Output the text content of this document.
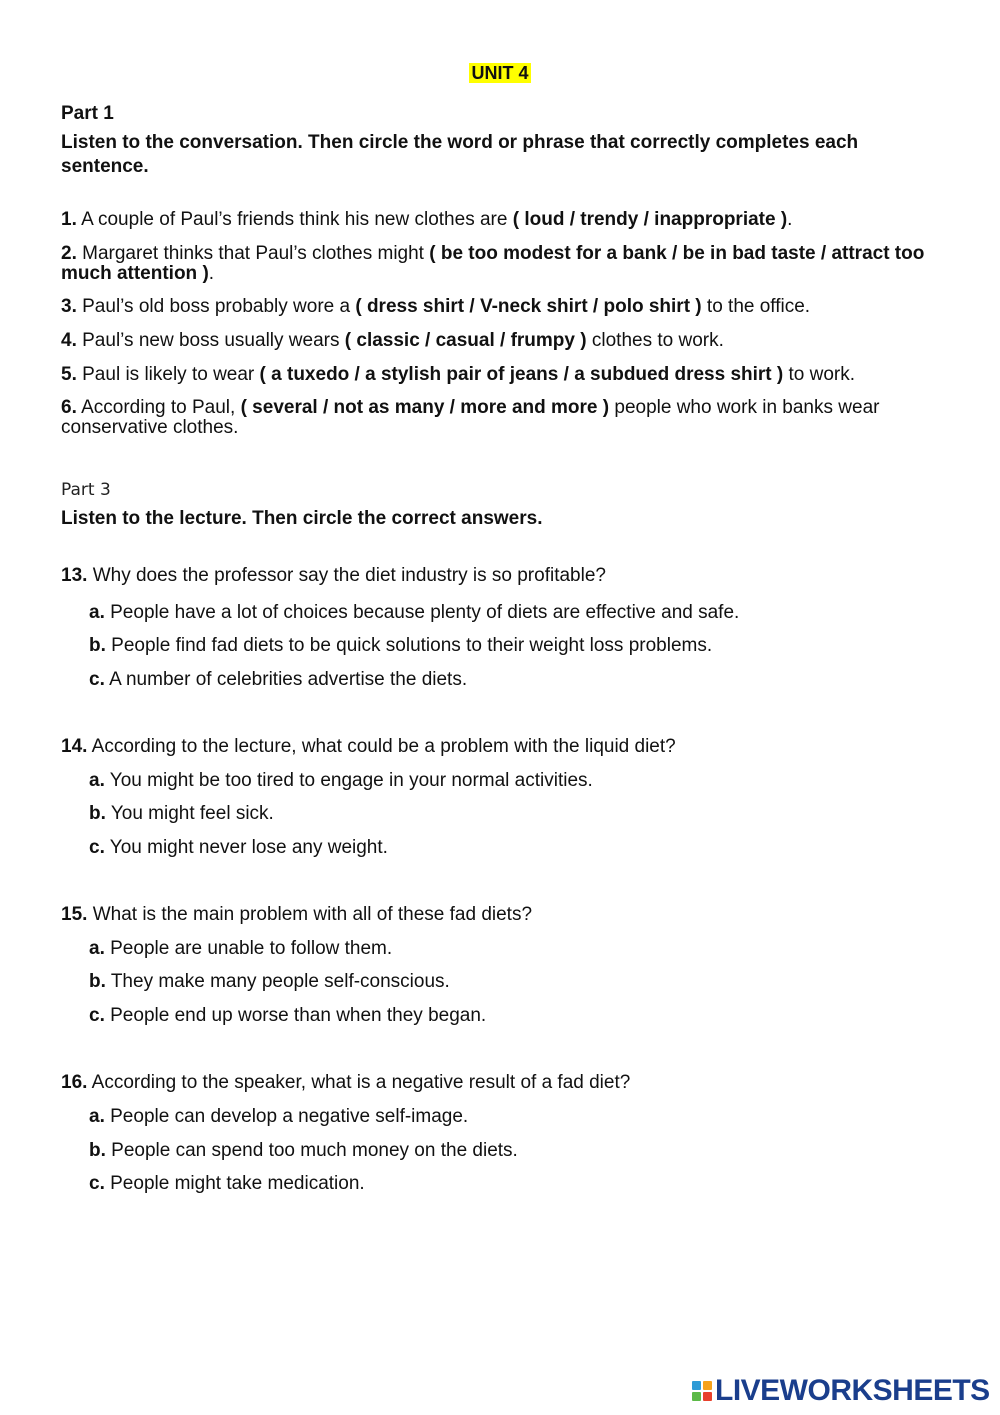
UNIT 4
Part 1
Listen to the conversation. Then circle the word or phrase that correctly completes each sentence.
1. A couple of Paul’s friends think his new clothes are ( loud / trendy / inappropriate ).
2. Margaret thinks that Paul’s clothes might ( be too modest for a bank / be in bad taste / attract too much attention ).
3. Paul’s old boss probably wore a ( dress shirt / V-neck shirt / polo shirt ) to the office.
4. Paul’s new boss usually wears ( classic / casual / frumpy ) clothes to work.
5. Paul is likely to wear ( a tuxedo / a stylish pair of jeans / a subdued dress shirt ) to work.
6. According to Paul, ( several / not as many / more and more ) people who work in banks wear conservative clothes.
Part 3
Listen to the lecture. Then circle the correct answers.
13. Why does the professor say the diet industry is so profitable?
a. People have a lot of choices because plenty of diets are effective and safe.
b. People find fad diets to be quick solutions to their weight loss problems.
c. A number of celebrities advertise the diets.
14. According to the lecture, what could be a problem with the liquid diet?
a. You might be too tired to engage in your normal activities.
b. You might feel sick.
c. You might never lose any weight.
15. What is the main problem with all of these fad diets?
a. People are unable to follow them.
b. They make many people self-conscious.
c. People end up worse than when they began.
16. According to the speaker, what is a negative result of a fad diet?
a. People can develop a negative self-image.
b. People can spend too much money on the diets.
c. People might take medication.
LIVEWORKSHEETS
